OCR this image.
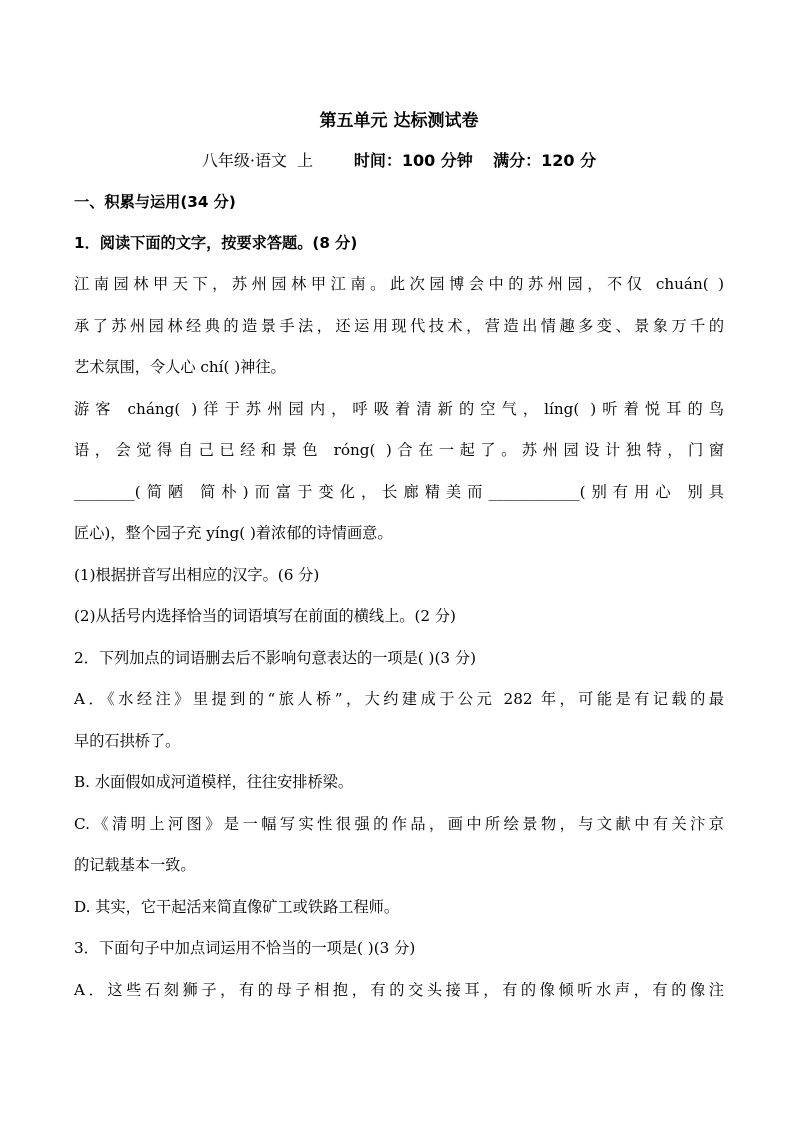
第五单元 达标测试卷
八年级·语文  上	时间：100 分钟 满分：120 分
一、积累与运用(34 分)
1．阅读下面的文字，按要求答题。(8 分)
江南园林甲天下，苏州园林甲江南。此次园博会中的苏州园，不仅 chuán( )
承了苏州园林经典的造景手法，还运用现代技术，营造出情趣多变、景象万千的
艺术氛围，令人心 chí( )神往。
游客 cháng( )徉于苏州园内，呼吸着清新的空气，líng( )听着悦耳的鸟
语，会觉得自己已经和景色 róng( )合在一起了。苏州园设计独特，门窗
________(简陋 简朴)而富于变化，长廊精美而____________(别有用心 别具
匠心)，整个园子充 yíng( )着浓郁的诗情画意。
(1)根据拼音写出相应的汉字。(6 分)
(2)从括号内选择恰当的词语填写在前面的横线上。(2 分)
2．下列加点的词语删去后不影响句意表达的一项是( )(3 分)
A．《水经注》里提到的“旅人桥”，大约建成于公元 282 年，可能是有记载的最
早的石拱桥了。
B. 水面假如成河道模样，往往安排桥梁。
C.《清明上河图》是一幅写实性很强的作品，画中所绘景物，与文献中有关汴京
的记载基本一致。
D. 其实，它干起活来简直像矿工或铁路工程师。
3．下面句子中加点词运用不恰当的一项是( )(3 分)
A．这些石刻狮子，有的母子相抱，有的交头接耳，有的像倾听水声，有的像注
